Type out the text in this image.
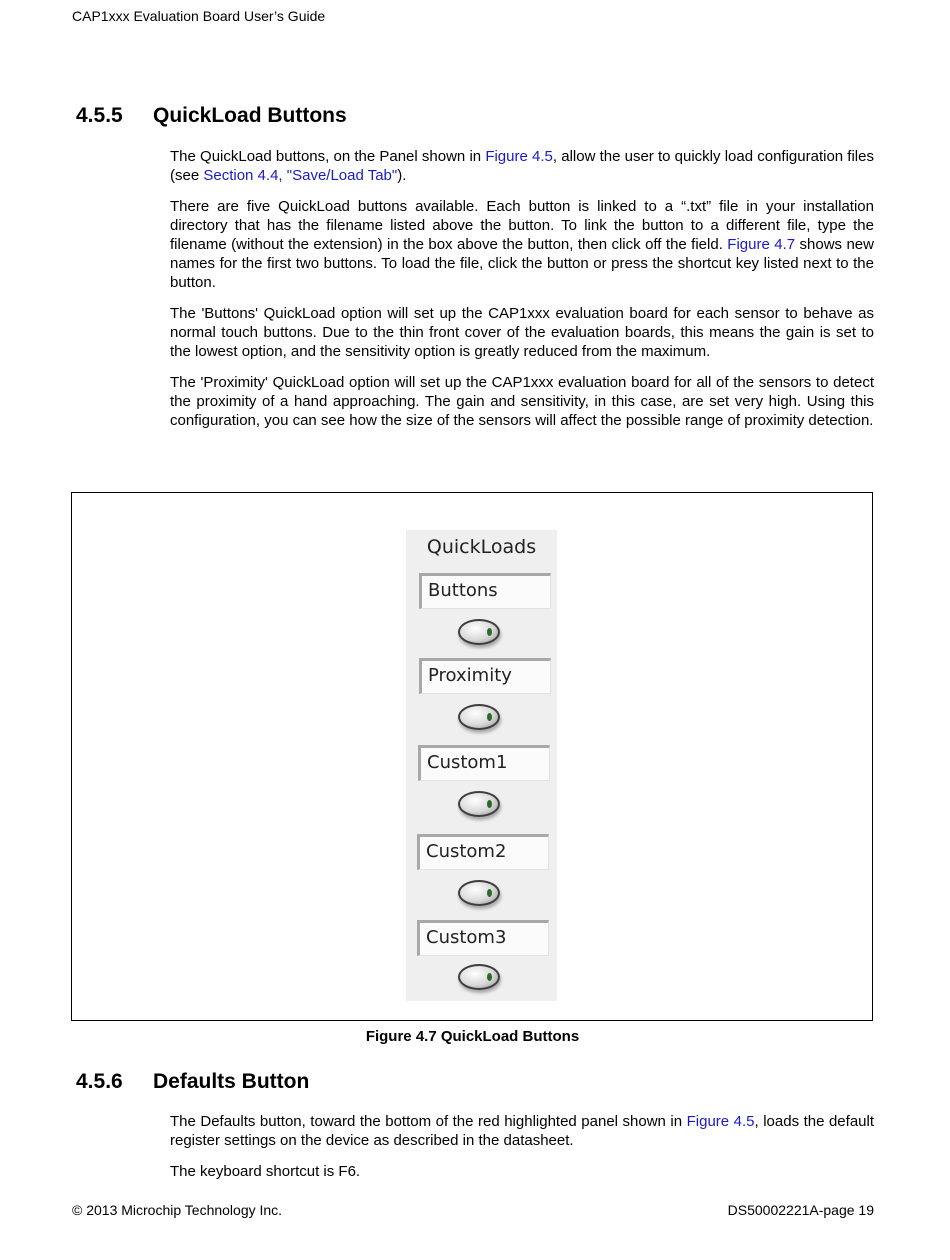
CAP1xxx Evaluation Board User’s Guide
4.5.5	QuickLoad Buttons

The QuickLoad buttons, on the Panel shown in Figure 4.5, allow the user to quickly load configuration files (see Section 4.4, "Save/Load Tab").

There are five QuickLoad buttons available. Each button is linked to a “.txt” file in your installation directory that has the filename listed above the button. To link the button to a different file, type the filename (without the extension) in the box above the button, then click off the field. Figure 4.7 shows new names for the first two buttons. To load the file, click the button or press the shortcut key listed next to the button.

The 'Buttons' QuickLoad option will set up the CAP1xxx evaluation board for each sensor to behave as normal touch buttons. Due to the thin front cover of the evaluation boards, this means the gain is set to the lowest option, and the sensitivity option is greatly reduced from the maximum.

The 'Proximity' QuickLoad option will set up the CAP1xxx evaluation board for all of the sensors to detect the proximity of a hand approaching. The gain and sensitivity, in this case, are set very high. Using this configuration, you can see how the size of the sensors will affect the possible range of proximity detection.

QuickLoads
Buttons
Proximity
Custom1
Custom2
Custom3
Figure 4.7 QuickLoad Buttons
4.5.6	Defaults Button

The Defaults button, toward the bottom of the red highlighted panel shown in Figure 4.5, loads the default register settings on the device as described in the datasheet.

The keyboard shortcut is F6.

© 2013 Microchip Technology Inc.	DS50002221A-page 19
